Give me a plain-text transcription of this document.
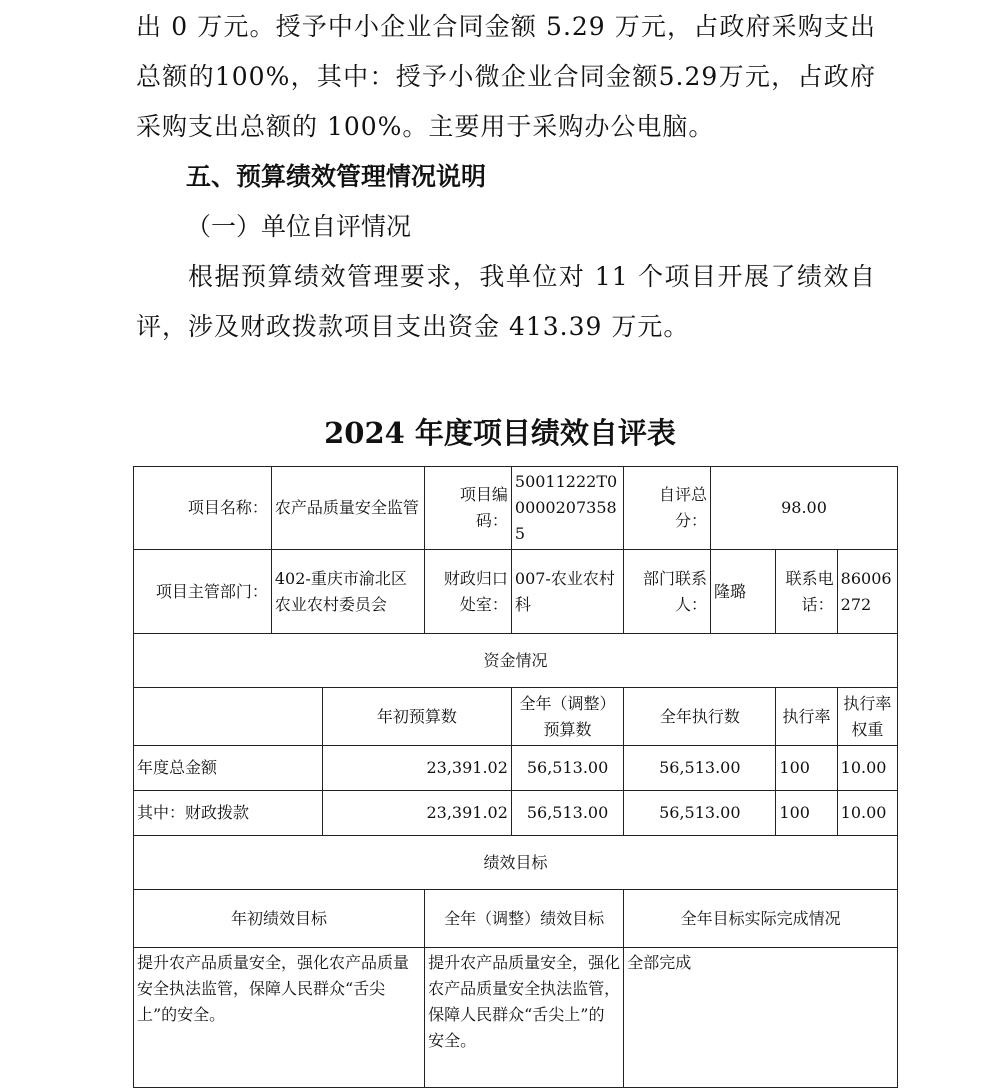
出 0 万元。授予中小企业合同金额 5.29 万元，占政府采购支出总额的100%，其中：授予小微企业合同金额5.29万元，占政府采购支出总额的 100%。主要用于采购办公电脑。
五、预算绩效管理情况说明
（一）单位自评情况
根据预算绩效管理要求，我单位对 11 个项目开展了绩效自评，涉及财政拨款项目支出资金 413.39 万元。
2024 年度项目绩效自评表
项目名称：	农产品质量安全监管		项目编码：	50011222T000002073585	自评总分：	98.00		
项目主管部门：	402-重庆市渝北区农业农村委员会		财政归口处室：	007-农业农村科	部门联系人：	隆璐	联系电话：	86006272
资金情况								
		年初预算数		全年（调整）预算数	全年执行数		执行率	执行率权重
年度总金额		23,391.02		56,513.00	56,513.00		100	10.00
其中：财政拨款		23,391.02		56,513.00	56,513.00		100	10.00
绩效目标								
年初绩效目标			全年（调整）绩效目标		全年目标实际完成情况			
提升农产品质量安全，强化农产品质量安全执法监管，保障人民群众“舌尖上”的安全。			提升农产品质量安全，强化农产品质量安全执法监管，保障人民群众“舌尖上”的安全。		全部完成			
